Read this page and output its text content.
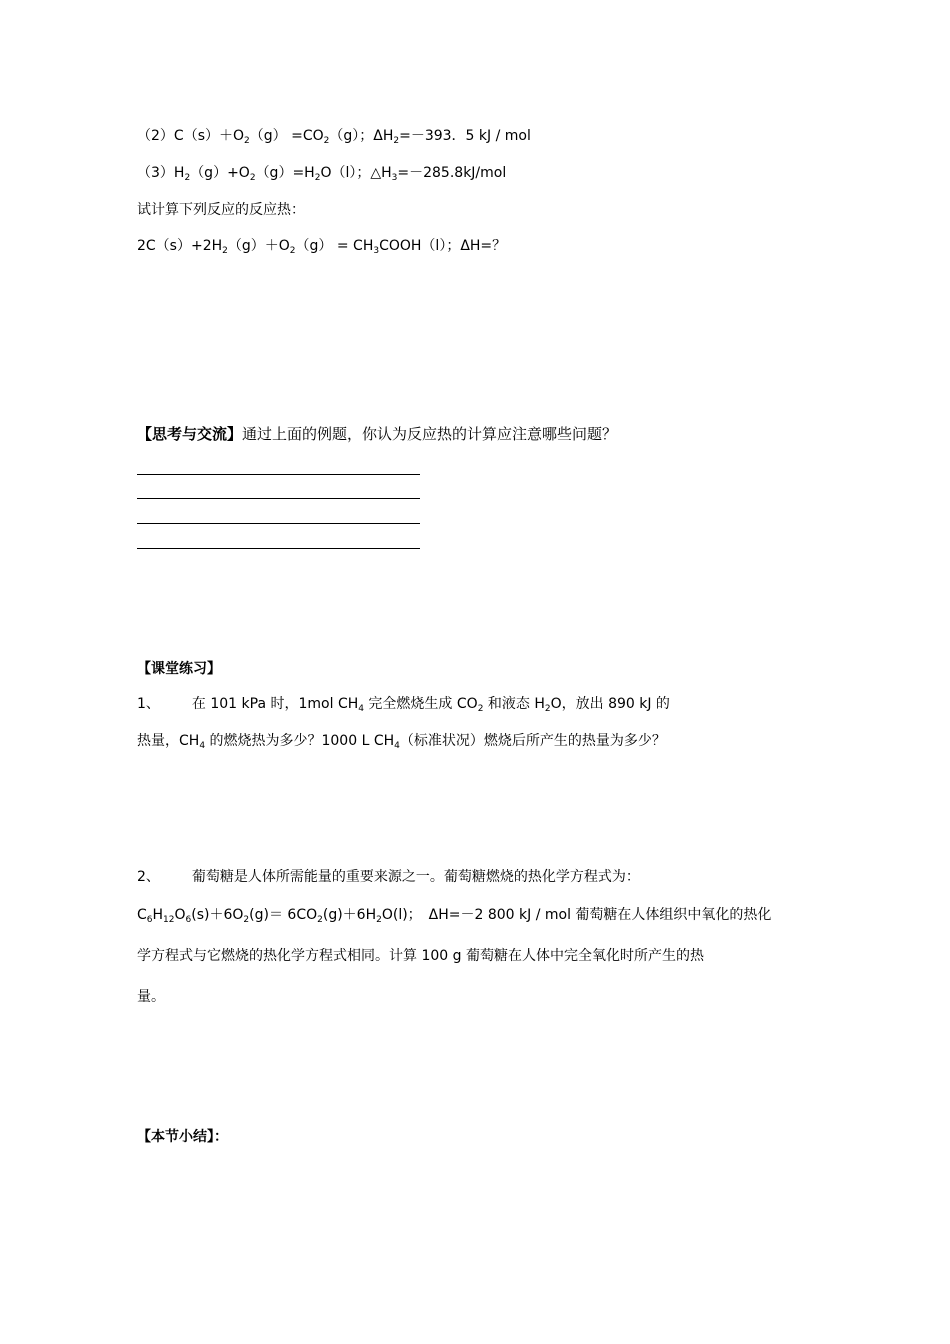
$(2)C(s)+O_2(g) =CO_2(g)$；$\Delta H_2=-393$．5 kJ / mol
$(3)H_2(g)+O_2(g)=H_2O(l)$；$\triangle H_3=-285.8kJ$/mol
试计算下列反应的反应热：
$2C(s)+2H_2(g)+O_2(g)$ = $CH_3COOH(l)$；ΔH=？
【思考与交流】通过上面的例题，你认为反应热的计算应注意哪些问题？
【课堂练习】
1、 在 101 kPa 时，1mol $CH_4$ 完全燃烧生成 $CO_2$ 和液态 $H_2O$，放出 890 kJ 的
热量，$CH_4$ 的燃烧热为多少？1000 L $CH_4$（标准状况）燃烧后所产生的热量为多少？
2、 葡萄糖是人体所需能量的重要来源之一。葡萄糖燃烧的热化学方程式为：
$C_6H_{12}O_6(s)+6O_2(g)= 6CO_2(g)+6H_2O(l)$；　ΔH=－2 800 kJ / mol 葡萄糖在人体组织中氧化的热化
学方程式与它燃烧的热化学方程式相同。计算 100 g 葡萄糖在人体中完全氧化时所产生的热
量。
【本节小结】：
